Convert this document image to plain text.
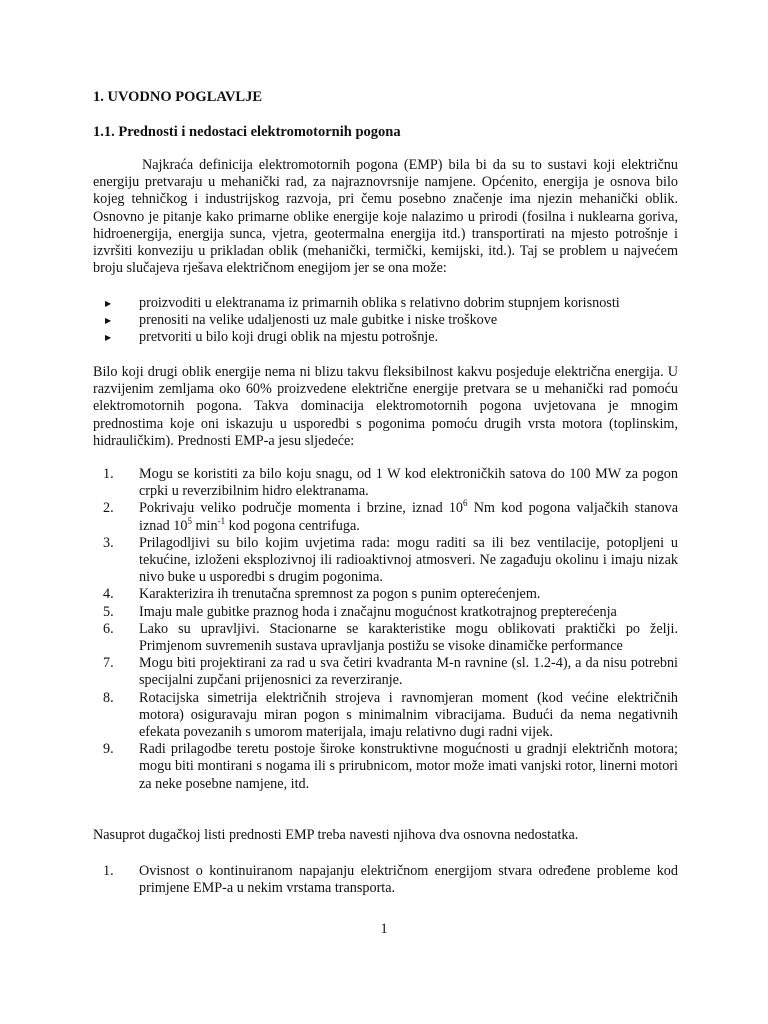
1. UVODNO POGLAVLJE
1.1. Prednosti i nedostaci elektromotornih pogona
Najkraća definicija elektromotornih pogona (EMP) bila bi da su to sustavi koji električnu energiju pretvaraju u mehanički rad, za najraznovrsnije namjene. Općenito, energija je osnova bilo kojeg tehničkog i industrijskog razvoja, pri čemu posebno značenje ima njezin mehanički oblik. Osnovno je pitanje kako primarne oblike energije koje nalazimo u prirodi (fosilna i nuklearna goriva, hidroenergija, energija sunca, vjetra, geotermalna energija itd.) transportirati na mjesto potrošnje i izvršiti konveziju u prikladan oblik (mehanički, termički, kemijski, itd.). Taj se problem u najvećem broju slučajeva rješava električnom enegijom jer se ona može:
▶ proizvoditi u elektranama iz primarnih oblika s relativno dobrim stupnjem korisnosti
▶ prenositi na velike udaljenosti uz male gubitke i niske troškove
▶ pretvoriti u bilo koji drugi oblik na mjestu potrošnje.
Bilo koji drugi oblik energije nema ni blizu takvu fleksibilnost kakvu posjeduje električna energija. U razvijenim zemljama oko 60% proizvedene električne energije pretvara se u mehanički rad pomoću elektromotornih pogona. Takva dominacija elektromotornih pogona uvjetovana je mnogim prednostima koje oni iskazuju u usporedbi s pogonima pomoću drugih vrsta motora (toplinskim, hidrauličkim). Prednosti EMP-a jesu sljedeće:
1. Mogu se koristiti za bilo koju snagu, od 1 W kod elektroničkih satova do 100 MW za pogon crpki u reverzibilnim hidro elektranama.
2. Pokrivaju veliko područje momenta i brzine, iznad $10^6$ Nm kod pogona valjačkih stanova iznad $10^5$ $\min^{-1}$ kod pogona centrifuga.
3. Prilagodljivi su bilo kojim uvjetima rada: mogu raditi sa ili bez ventilacije, potopljeni u tekućine, izloženi eksplozivnoj ili radioaktivnoj atmosveri. Ne zagađuju okolinu i imaju nizak nivo buke u usporedbi s drugim pogonima.
4. Karakterizira ih trenutačna spremnost za pogon s punim opterećenjem.
5. Imaju male gubitke praznog hoda i značajnu mogućnost kratkotrajnog prepterećenja
6. Lako su upravljivi. Stacionarne se karakteristike mogu oblikovati praktički po želji. Primjenom suvremenih sustava upravljanja postižu se visoke dinamičke performance
7. Mogu biti projektirani za rad u sva četiri kvadranta M-n ravnine (sl. 1.2-4), a da nisu potrebni specijalni zupčani prijenosnici za reverziranje.
8. Rotacijska simetrija električnih strojeva i ravnomjeran moment (kod većine električnih motora) osiguravaju miran pogon s minimalnim vibracijama. Budući da nema negativnih efekata povezanih s umorom materijala, imaju relativno dugi radni vijek.
9. Radi prilagodbe teretu postoje široke konstruktivne mogućnosti u gradnji električnh motora; mogu biti montirani s nogama ili s prirubnicom, motor može imati vanjski rotor, linerni motori za neke posebne namjene, itd.
Nasuprot dugačkoj listi prednosti EMP treba navesti njihova dva osnovna nedostatka.
1. Ovisnost o kontinuiranom napajanju električnom energijom stvara određene probleme kod primjene EMP-a u nekim vrstama transporta.
1
